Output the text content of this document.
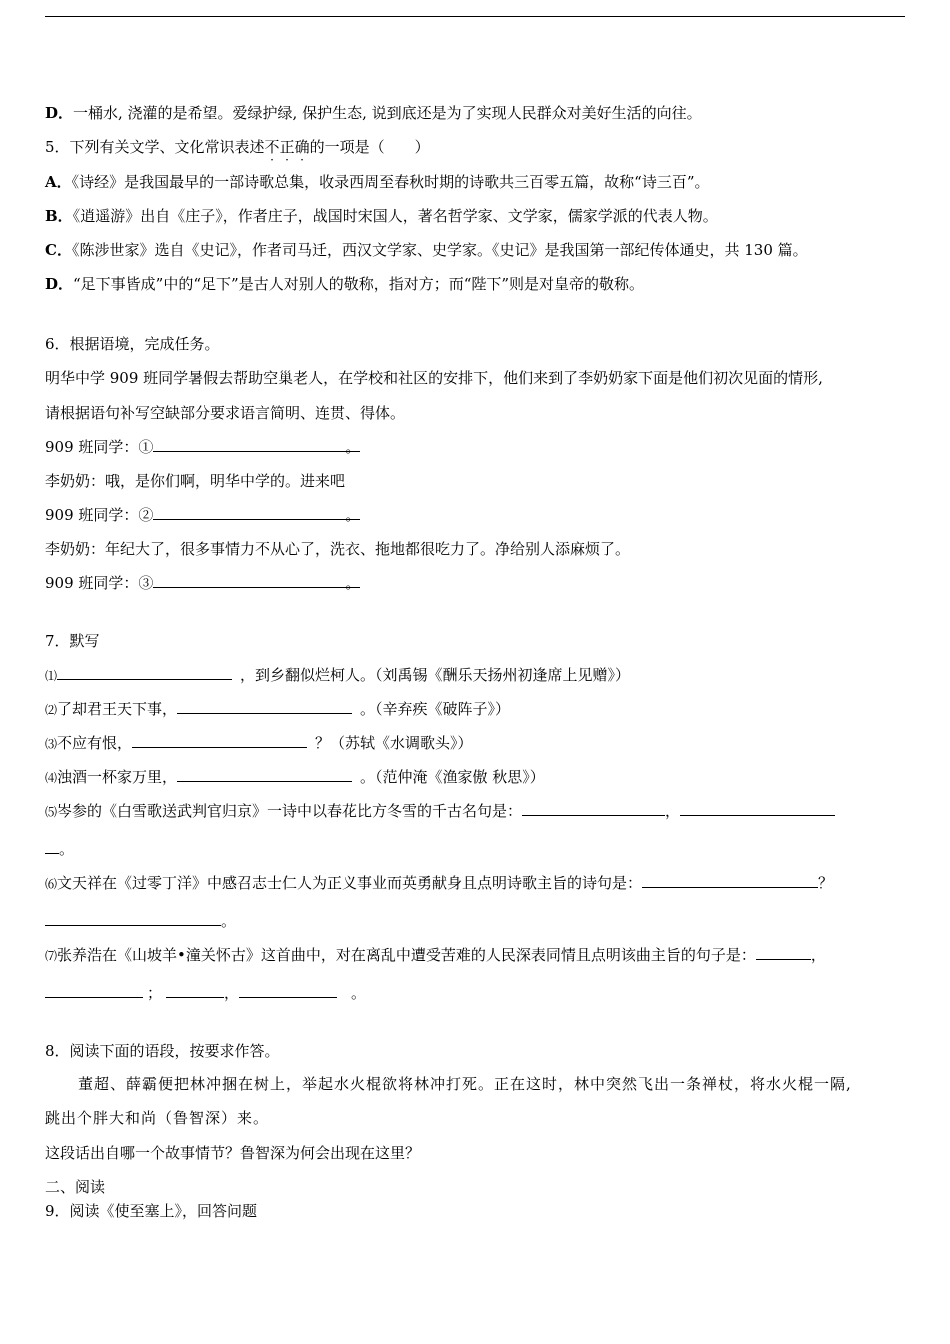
D．一桶水, 浇灌的是希望。爱绿护绿, 保护生态, 说到底还是为了实现人民群众对美好生活的向往。
5．下列有关文学、文化常识表述不正确的一项是（　　）
A．《诗经》是我国最早的一部诗歌总集，收录西周至春秋时期的诗歌共三百零五篇，故称“诗三百”。
B．《逍遥游》出自《庄子》，作者庄子，战国时宋国人，著名哲学家、文学家，儒家学派的代表人物。
C．《陈涉世家》选自《史记》，作者司马迁，西汉文学家、史学家。《史记》是我国第一部纪传体通史，共 130 篇。
D．“足下事皆成”中的“足下”是古人对别人的敬称，指对方；而“陛下”则是对皇帝的敬称。
6．根据语境，完成任务。
明华中学 909 班同学暑假去帮助空巢老人，在学校和社区的安排下，他们来到了李奶奶家下面是他们初次见面的情形,
请根据语句补写空缺部分要求语言简明、连贯、得体。
909 班同学：①	。
李奶奶：哦，是你们啊，明华中学的。进来吧
909 班同学：②	。
李奶奶：年纪大了，很多事情力不从心了，洗衣、拖地都很吃力了。净给别人添麻烦了。
909 班同学：③	。
7．默写
⑴	，到乡翻似烂柯人。（刘禹锡《酬乐天扬州初逢席上见赠》）
⑵了却君王天下事，	。（辛弃疾《破阵子》）
⑶不应有恨，	？（苏轼《水调歌头》）
⑷浊酒一杯家万里，	。（范仲淹《渔家傲 秋思》）
⑸岑参的《白雪歌送武判官归京》一诗中以春花比方冬雪的千古名句是：	，
。
⑹文天祥在《过零丁洋》中感召志士仁人为正义事业而英勇献身且点明诗歌主旨的诗句是：	？
。
⑺张养浩在《山坡羊•潼关怀古》这首曲中，对在离乱中遭受苦难的人民深表同情且点明该曲主旨的句子是：	，
；	，	。
8．阅读下面的语段，按要求作答。
董超、薛霸便把林冲捆在树上，举起水火棍欲将林冲打死。正在这时，林中突然飞出一条禅杖，将水火棍一隔,
跳出个胖大和尚（鲁智深）来。
这段话出自哪一个故事情节？鲁智深为何会出现在这里？
二、阅读
9．阅读《使至塞上》，回答问题
